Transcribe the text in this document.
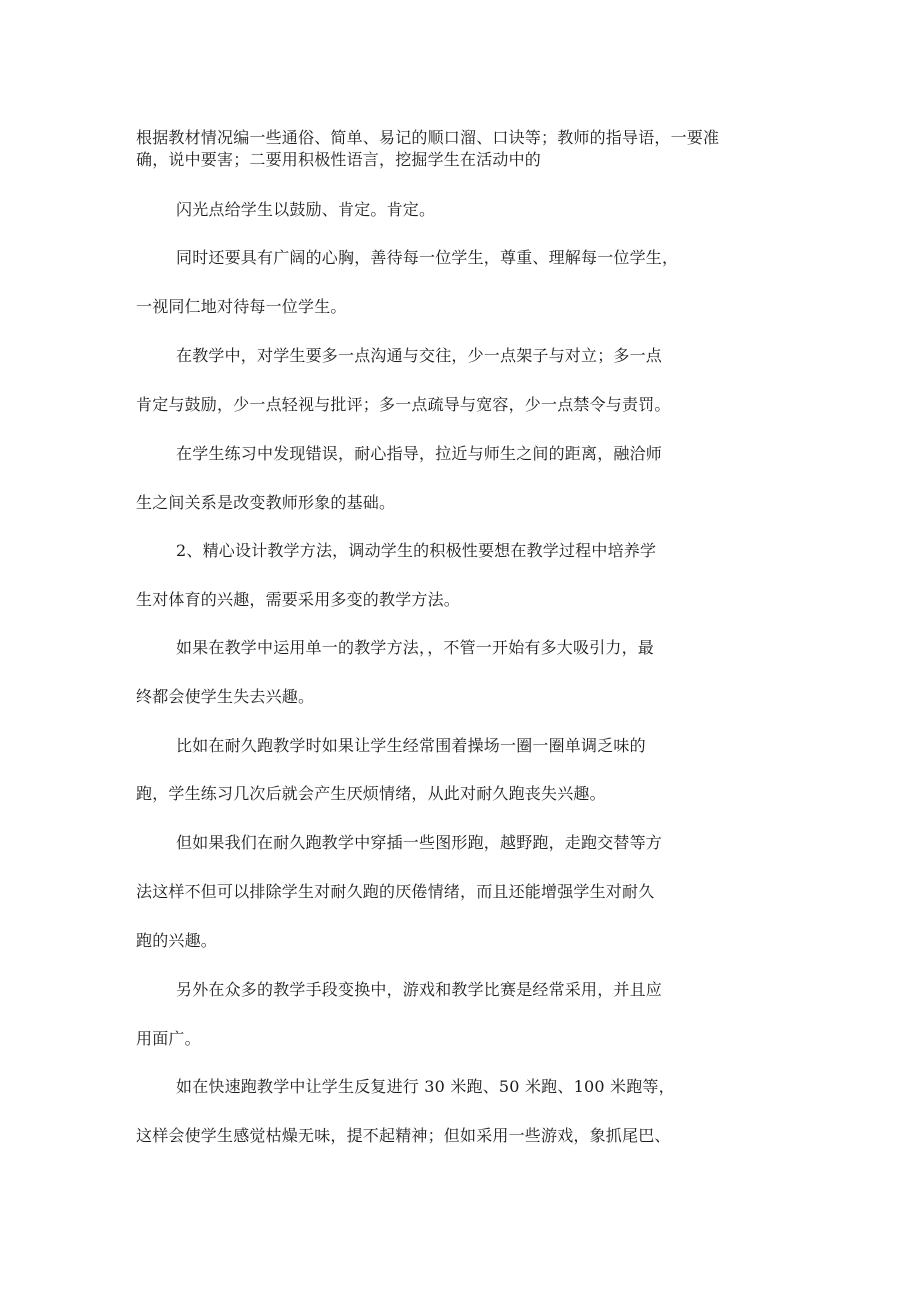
根据教材情况编一些通俗、简单、易记的顺口溜、口诀等；教师的指导语，一要准
确，说中要害；二要用积极性语言，挖掘学生在活动中的
闪光点给学生以鼓励、肯定。肯定。
同时还要具有广阔的心胸，善待每一位学生，尊重、理解每一位学生，
一视同仁地对待每一位学生。
在教学中，对学生要多一点沟通与交往，少一点架子与对立；多一点
肯定与鼓励，少一点轻视与批评；多一点疏导与宽容，少一点禁令与责罚。
在学生练习中发现错误，耐心指导，拉近与师生之间的距离，融洽师
生之间关系是改变教师形象的基础。
2、精心设计教学方法，调动学生的积极性要想在教学过程中培养学
生对体育的兴趣，需要采用多变的教学方法。
如果在教学中运用单一的教学方法，，不管一开始有多大吸引力，最
终都会使学生失去兴趣。
比如在耐久跑教学时如果让学生经常围着操场一圈一圈单调乏味的
跑，学生练习几次后就会产生厌烦情绪，从此对耐久跑丧失兴趣。
但如果我们在耐久跑教学中穿插一些图形跑，越野跑，走跑交替等方
法这样不但可以排除学生对耐久跑的厌倦情绪，而且还能增强学生对耐久
跑的兴趣。
另外在众多的教学手段变换中，游戏和教学比赛是经常采用，并且应
用面广。
如在快速跑教学中让学生反复进行 30 米跑、50 米跑、100 米跑等，
这样会使学生感觉枯燥无味，提不起精神；但如采用一些游戏，象抓尾巴、
